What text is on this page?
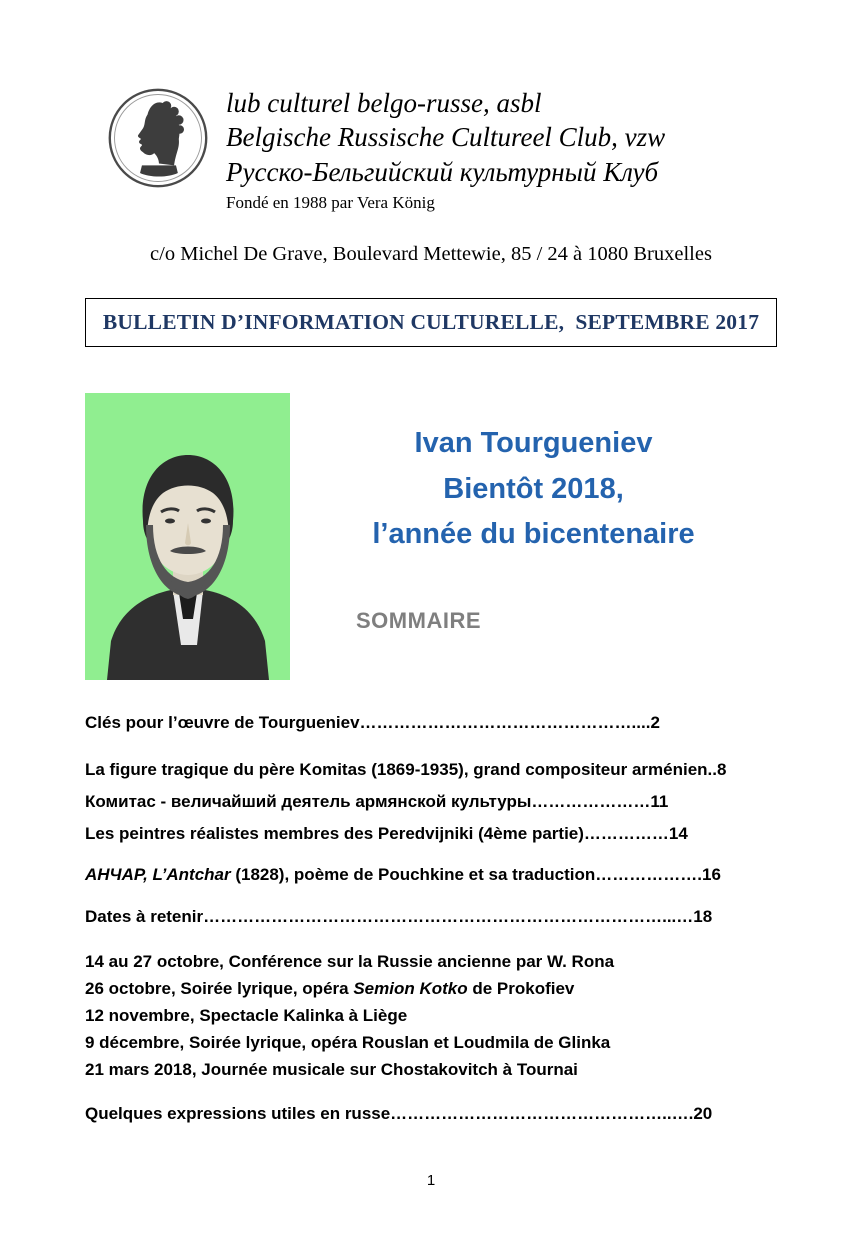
lub culturel belgo-russe, asbl
Belgische Russische Cultureel Club, vzw
Русско-Бельгийский культурный Клуб
Fondé en 1988 par Vera König
c/o Michel De Grave, Boulevard Mettewie, 85 / 24 à 1080 Bruxelles
BULLETIN D’INFORMATION CULTURELLE,  SEPTEMBRE 2017
Ivan Tourgueniev
Bientôt 2018,
l’année du bicentenaire
SOMMAIRE

Clés pour l’œuvre de Tourgueniev…………………………………………....2

La figure tragique du père Komitas (1869-1935), grand compositeur arménien..8

Комитас - величайший деятель армянской культуры…………………11

Les peintres réalistes membres des Peredvijniki (4ème partie)……………14

АНЧАР, L’Antchar (1828), poème de Pouchkine et sa traduction……………….16

Dates à retenir………………………………………………………………………...…18

14 au 27 octobre, Conférence sur la Russie ancienne par W. Rona

26 octobre, Soirée lyrique, opéra Semion Kotko de Prokofiev

12 novembre, Spectacle Kalinka à Liège

9 décembre, Soirée lyrique, opéra Rouslan et Loudmila de Glinka

21 mars 2018, Journée musicale sur Chostakovitch à Tournai

Quelques expressions utiles en russe…………………………………………..….20

1
